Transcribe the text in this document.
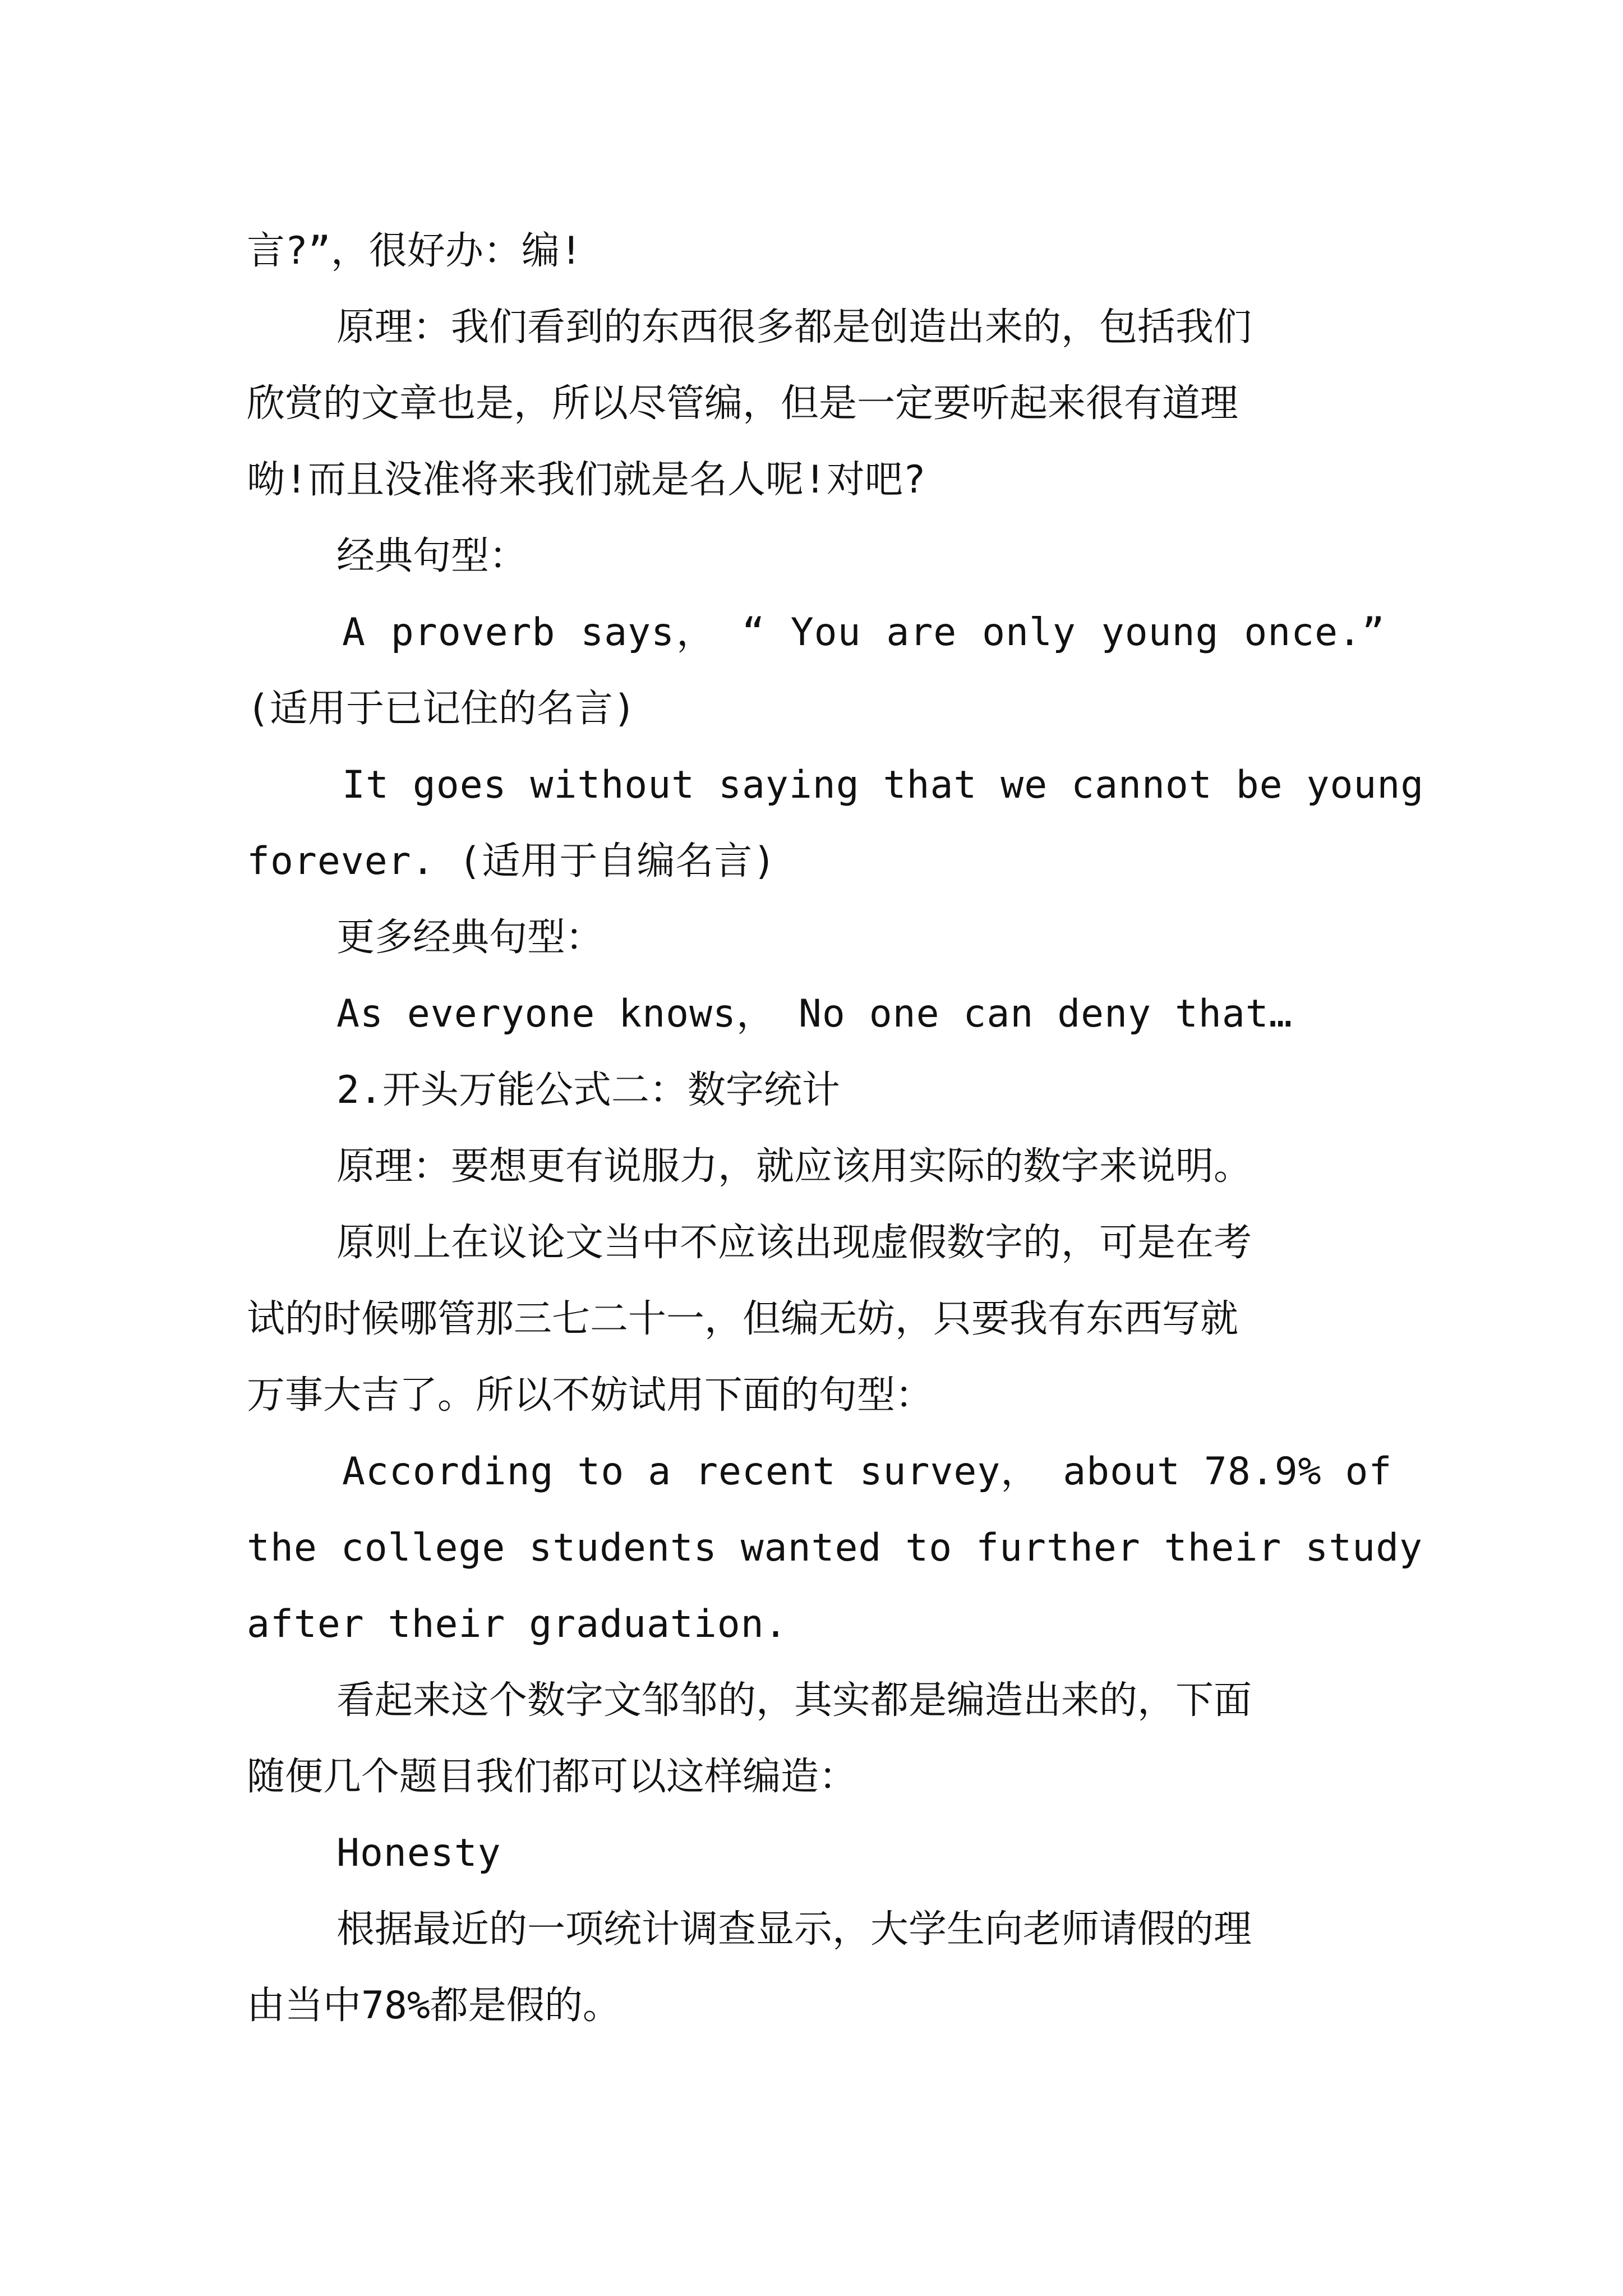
言?”，很好办：编!
原理：我们看到的东西很多都是创造出来的，包括我们
欣赏的文章也是，所以尽管编，但是一定要听起来很有道理
呦!而且没准将来我们就是名人呢!对吧?
经典句型：
A proverb says， “ You are only young once.”
(适用于已记住的名言)
It goes without saying that we cannot be young
forever. (适用于自编名言)
更多经典句型：
As everyone knows， No one can deny that…
2.开头万能公式二：数字统计
原理：要想更有说服力，就应该用实际的数字来说明。
原则上在议论文当中不应该出现虚假数字的，可是在考
试的时候哪管那三七二十一，但编无妨，只要我有东西写就
万事大吉了。所以不妨试用下面的句型：
According to a recent survey， about 78.9% of
the college students wanted to further their study
after their graduation.
看起来这个数字文邹邹的，其实都是编造出来的，下面
随便几个题目我们都可以这样编造：
Honesty
根据最近的一项统计调查显示，大学生向老师请假的理
由当中78%都是假的。
